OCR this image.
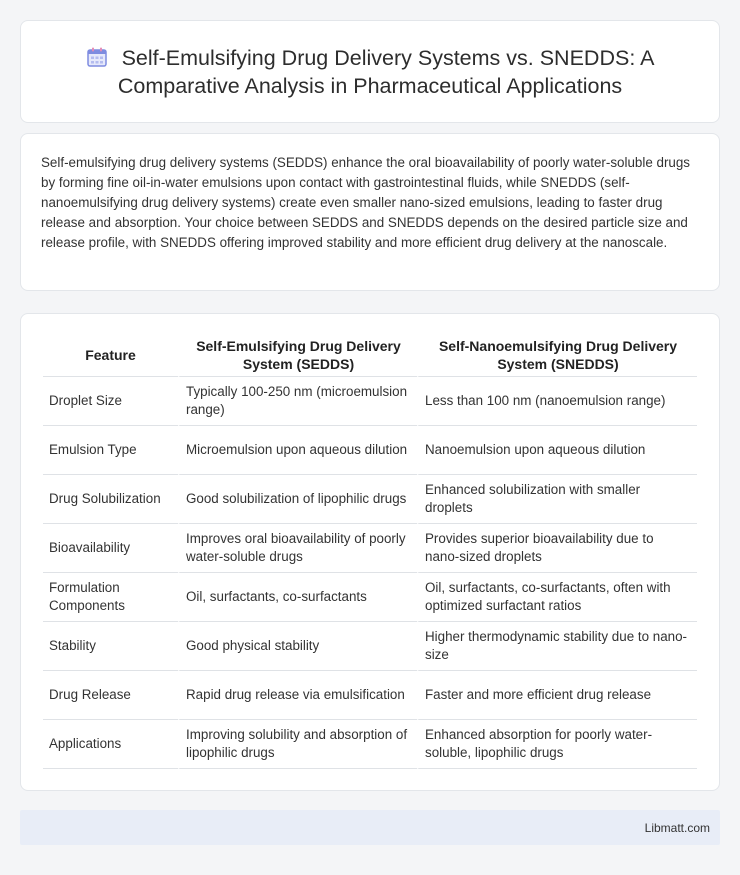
Self-Emulsifying Drug Delivery Systems vs. SNEDDS: A Comparative Analysis in Pharmaceutical Applications

Self-emulsifying drug delivery systems (SEDDS) enhance the oral bioavailability of poorly water-soluble drugs by forming fine oil-in-water emulsions upon contact with gastrointestinal fluids, while SNEDDS (self-nanoemulsifying drug delivery systems) create even smaller nano-sized emulsions, leading to faster drug release and absorption. Your choice between SEDDS and SNEDDS depends on the desired particle size and release profile, with SNEDDS offering improved stability and more efficient drug delivery at the nanoscale.

Feature	Self-Emulsifying Drug Delivery System (SEDDS)	Self-Nanoemulsifying Drug Delivery System (SNEDDS)
Droplet Size	Typically 100-250 nm (microemulsion range)	Less than 100 nm (nanoemulsion range)
Emulsion Type	Microemulsion upon aqueous dilution	Nanoemulsion upon aqueous dilution
Drug Solubilization	Good solubilization of lipophilic drugs	Enhanced solubilization with smaller droplets
Bioavailability	Improves oral bioavailability of poorly water-soluble drugs	Provides superior bioavailability due to nano-sized droplets
Formulation Components	Oil, surfactants, co-surfactants	Oil, surfactants, co-surfactants, often with optimized surfactant ratios
Stability	Good physical stability	Higher thermodynamic stability due to nano-size
Drug Release	Rapid drug release via emulsification	Faster and more efficient drug release
Applications	Improving solubility and absorption of lipophilic drugs	Enhanced absorption for poorly water-soluble, lipophilic drugs
Libmatt.com
